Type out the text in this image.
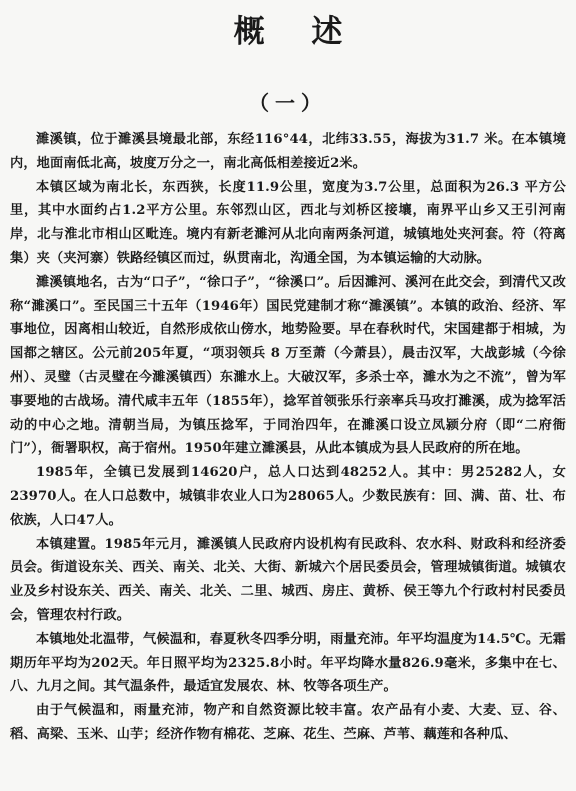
概 述
（一）

濉溪镇，位于濉溪县境最北部，东经116°44，北纬33.55，海拔为31.7 米。在本镇境内，地面南低北高，坡度万分之一，南北高低相差接近2米。

本镇区域为南北长，东西狭，长度11.9公里，宽度为3.7公里，总面积为26.3 平方公里，其中水面约占1.2平方公里。东邻烈山区，西北与刘桥区接壤，南界平山乡又王引河南岸，北与淮北市相山区毗连。境内有新老濉河从北向南两条河道，城镇地处夹河套。符（符离集）夹（夹河寨）铁路经镇区而过，纵贯南北，沟通全国，为本镇运输的大动脉。

濉溪镇地名，古为“口子”，“徐口子”，“徐溪口”。后因濉河、溪河在此交会，到清代又改称“濉溪口”。至民国三十五年（1946年）国民党建制才称“濉溪镇”。本镇的政治、经济、军事地位，因离相山较近，自然形成依山傍水，地势险要。早在春秋时代，宋国建都于相城，为国都之辖区。公元前205年夏，“项羽领兵 8 万至萧（今萧县），晨击汉军，大战彭城（今徐州）、灵璧（古灵璧在今濉溪镇西）东濉水上。大破汉军，多杀士卒，濉水为之不流”，曾为军事要地的古战场。清代咸丰五年（1855年），捻军首领张乐行亲率兵马攻打濉溪，成为捻军活动的中心之地。清朝当局，为镇压捻军，于同治四年，在濉溪口设立凤颍分府（即“二府衙门”），衙署职权，高于宿州。1950年建立濉溪县，从此本镇成为县人民政府的所在地。

1985年，全镇已发展到14620户，总人口达到48252人。其中：男25282人，女23970人。在人口总数中，城镇非农业人口为28065人。少数民族有：回、满、苗、壮、布依族，人口47人。

本镇建置。1985年元月，濉溪镇人民政府内设机构有民政科、农水科、财政科和经济委员会。街道设东关、西关、南关、北关、大街、新城六个居民委员会，管理城镇街道。城镇农业及乡村设东关、西关、南关、北关、二里、城西、房庄、黄桥、侯王等九个行政村村民委员会，管理农村行政。

本镇地处北温带，气候温和，春夏秋冬四季分明，雨量充沛。年平均温度为14.5℃。无霜期历年平均为202天。年日照平均为2325.8小时。年平均降水量826.9毫米，多集中在七、八、九月之间。其气温条件，最适宜发展农、林、牧等各项生产。

由于气候温和，雨量充沛，物产和自然资源比较丰富。农产品有小麦、大麦、豆、谷、稻、高梁、玉米、山芋；经济作物有棉花、芝麻、花生、苎麻、芦苇、藕莲和各种瓜、
